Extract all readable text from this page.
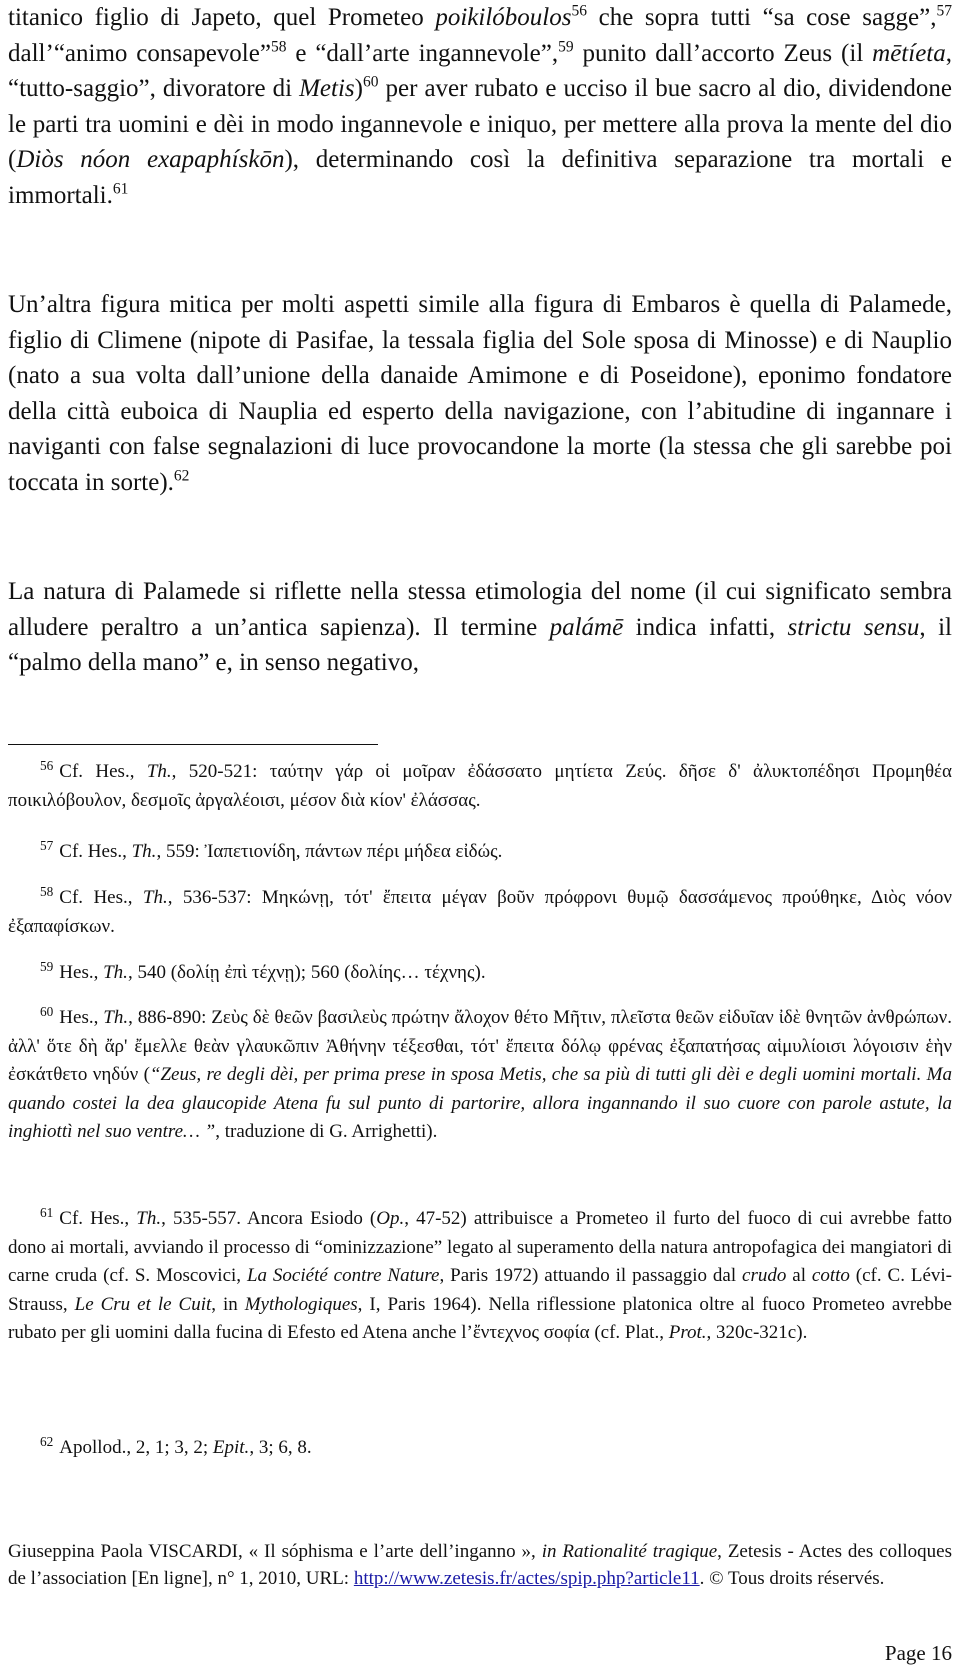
titanico figlio di Japeto, quel Prometeo poikilóboulos$^{56}$ che sopra tutti “sa cose sagge”,$^{57}$ dall’“animo consapevole”$^{58}$ e “dall’arte ingannevole”,$^{59}$ punito dall’accorto Zeus (il mētíeta, “tutto-saggio”, divoratore di Metis)$^{60}$ per aver rubato e ucciso il bue sacro al dio, dividendone le parti tra uomini e dèi in modo ingannevole e iniquo, per mettere alla prova la mente del dio (Diòs nóon exapaphískōn), determinando così la definitiva separazione tra mortali e immortali.$^{61}$

Un’altra figura mitica per molti aspetti simile alla figura di Embaros è quella di Palamede, figlio di Climene (nipote di Pasifae, la tessala figlia del Sole sposa di Minosse) e di Nauplio (nato a sua volta dall’unione della danaide Amimone e di Poseidone), eponimo fondatore della città euboica di Nauplia ed esperto della navigazione, con l’abitudine di ingannare i naviganti con false segnalazioni di luce provocandone la morte (la stessa che gli sarebbe poi toccata in sorte).$^{62}$

La natura di Palamede si riflette nella stessa etimologia del nome (il cui significato sembra alludere peraltro a un’antica sapienza). Il termine palámē indica infatti, strictu sensu, il “palmo della mano” e, in senso negativo,

$^{56}$ Cf. Hes., Th., 520-521: ταύτην γάρ οἱ μοῖραν ἐδάσσατο μητίετα Ζεύς. δῆσε δ' ἀλυκτοπέδησι Προμηθέα ποικιλόβουλον, δεσμοῖς ἀργαλέοισι, μέσον διὰ κίον' ἐλάσσας.

$^{57}$ Cf. Hes., Th., 559: Ἰαπετιονίδη, πάντων πέρι μήδεα εἰδώς.

$^{58}$ Cf. Hes., Th., 536-537: Μηκώνῃ, τότ' ἔπειτα μέγαν βοῦν πρόφρονι θυμῷ δασσάμενος προύθηκε, Διὸς νόον ἐξαπαφίσκων.

$^{59}$ Hes., Th., 540 (δολίῃ ἐπὶ τέχνῃ); 560 (δολίης… τέχνης).

$^{60}$ Hes., Th., 886-890: Ζεὺς δὲ θεῶν βασιλεὺς πρώτην ἄλοχον θέτο Μῆτιν, πλεῖστα θεῶν εἰδυῖαν ἰδὲ θνητῶν ἀνθρώπων. ἀλλ' ὅτε δὴ ἄρ' ἔμελλε θεὰν γλαυκῶπιν Ἀθήνην τέξεσθαι, τότ' ἔπειτα δόλῳ φρένας ἐξαπατήσας αἱμυλίοισι λόγοισιν ἑὴν ἐσκάτθετο νηδύν (“Zeus, re degli dèi, per prima prese in sposa Metis, che sa più di tutti gli dèi e degli uomini mortali. Ma quando costei la dea glaucopide Atena fu sul punto di partorire, allora ingannando il suo cuore con parole astute, la inghiottì nel suo ventre… ”, traduzione di G. Arrighetti).

$^{61}$ Cf. Hes., Th., 535-557. Ancora Esiodo (Op., 47-52) attribuisce a Prometeo il furto del fuoco di cui avrebbe fatto dono ai mortali, avviando il processo di “ominizzazione” legato al superamento della natura antropofagica dei mangiatori di carne cruda (cf. S. Moscovici, La Société contre Nature, Paris 1972) attuando il passaggio dal crudo al cotto (cf. C. Lévi-Strauss, Le Cru et le Cuit, in Mythologiques, I, Paris 1964). Nella riflessione platonica oltre al fuoco Prometeo avrebbe rubato per gli uomini dalla fucina di Efesto ed Atena anche l’ἔντεχνος σοφία (cf. Plat., Prot., 320c-321c).

$^{62}$ Apollod., 2, 1; 3, 2; Epit., 3; 6, 8.

Giuseppina Paola VISCARDI, « Il sóphisma e l’arte dell’inganno », in Rationalité tragique, Zetesis - Actes des colloques de l’association [En ligne], n° 1, 2010, URL: http://www.zetesis.fr/actes/spip.php?article11. © Tous droits réservés.

Page 16
